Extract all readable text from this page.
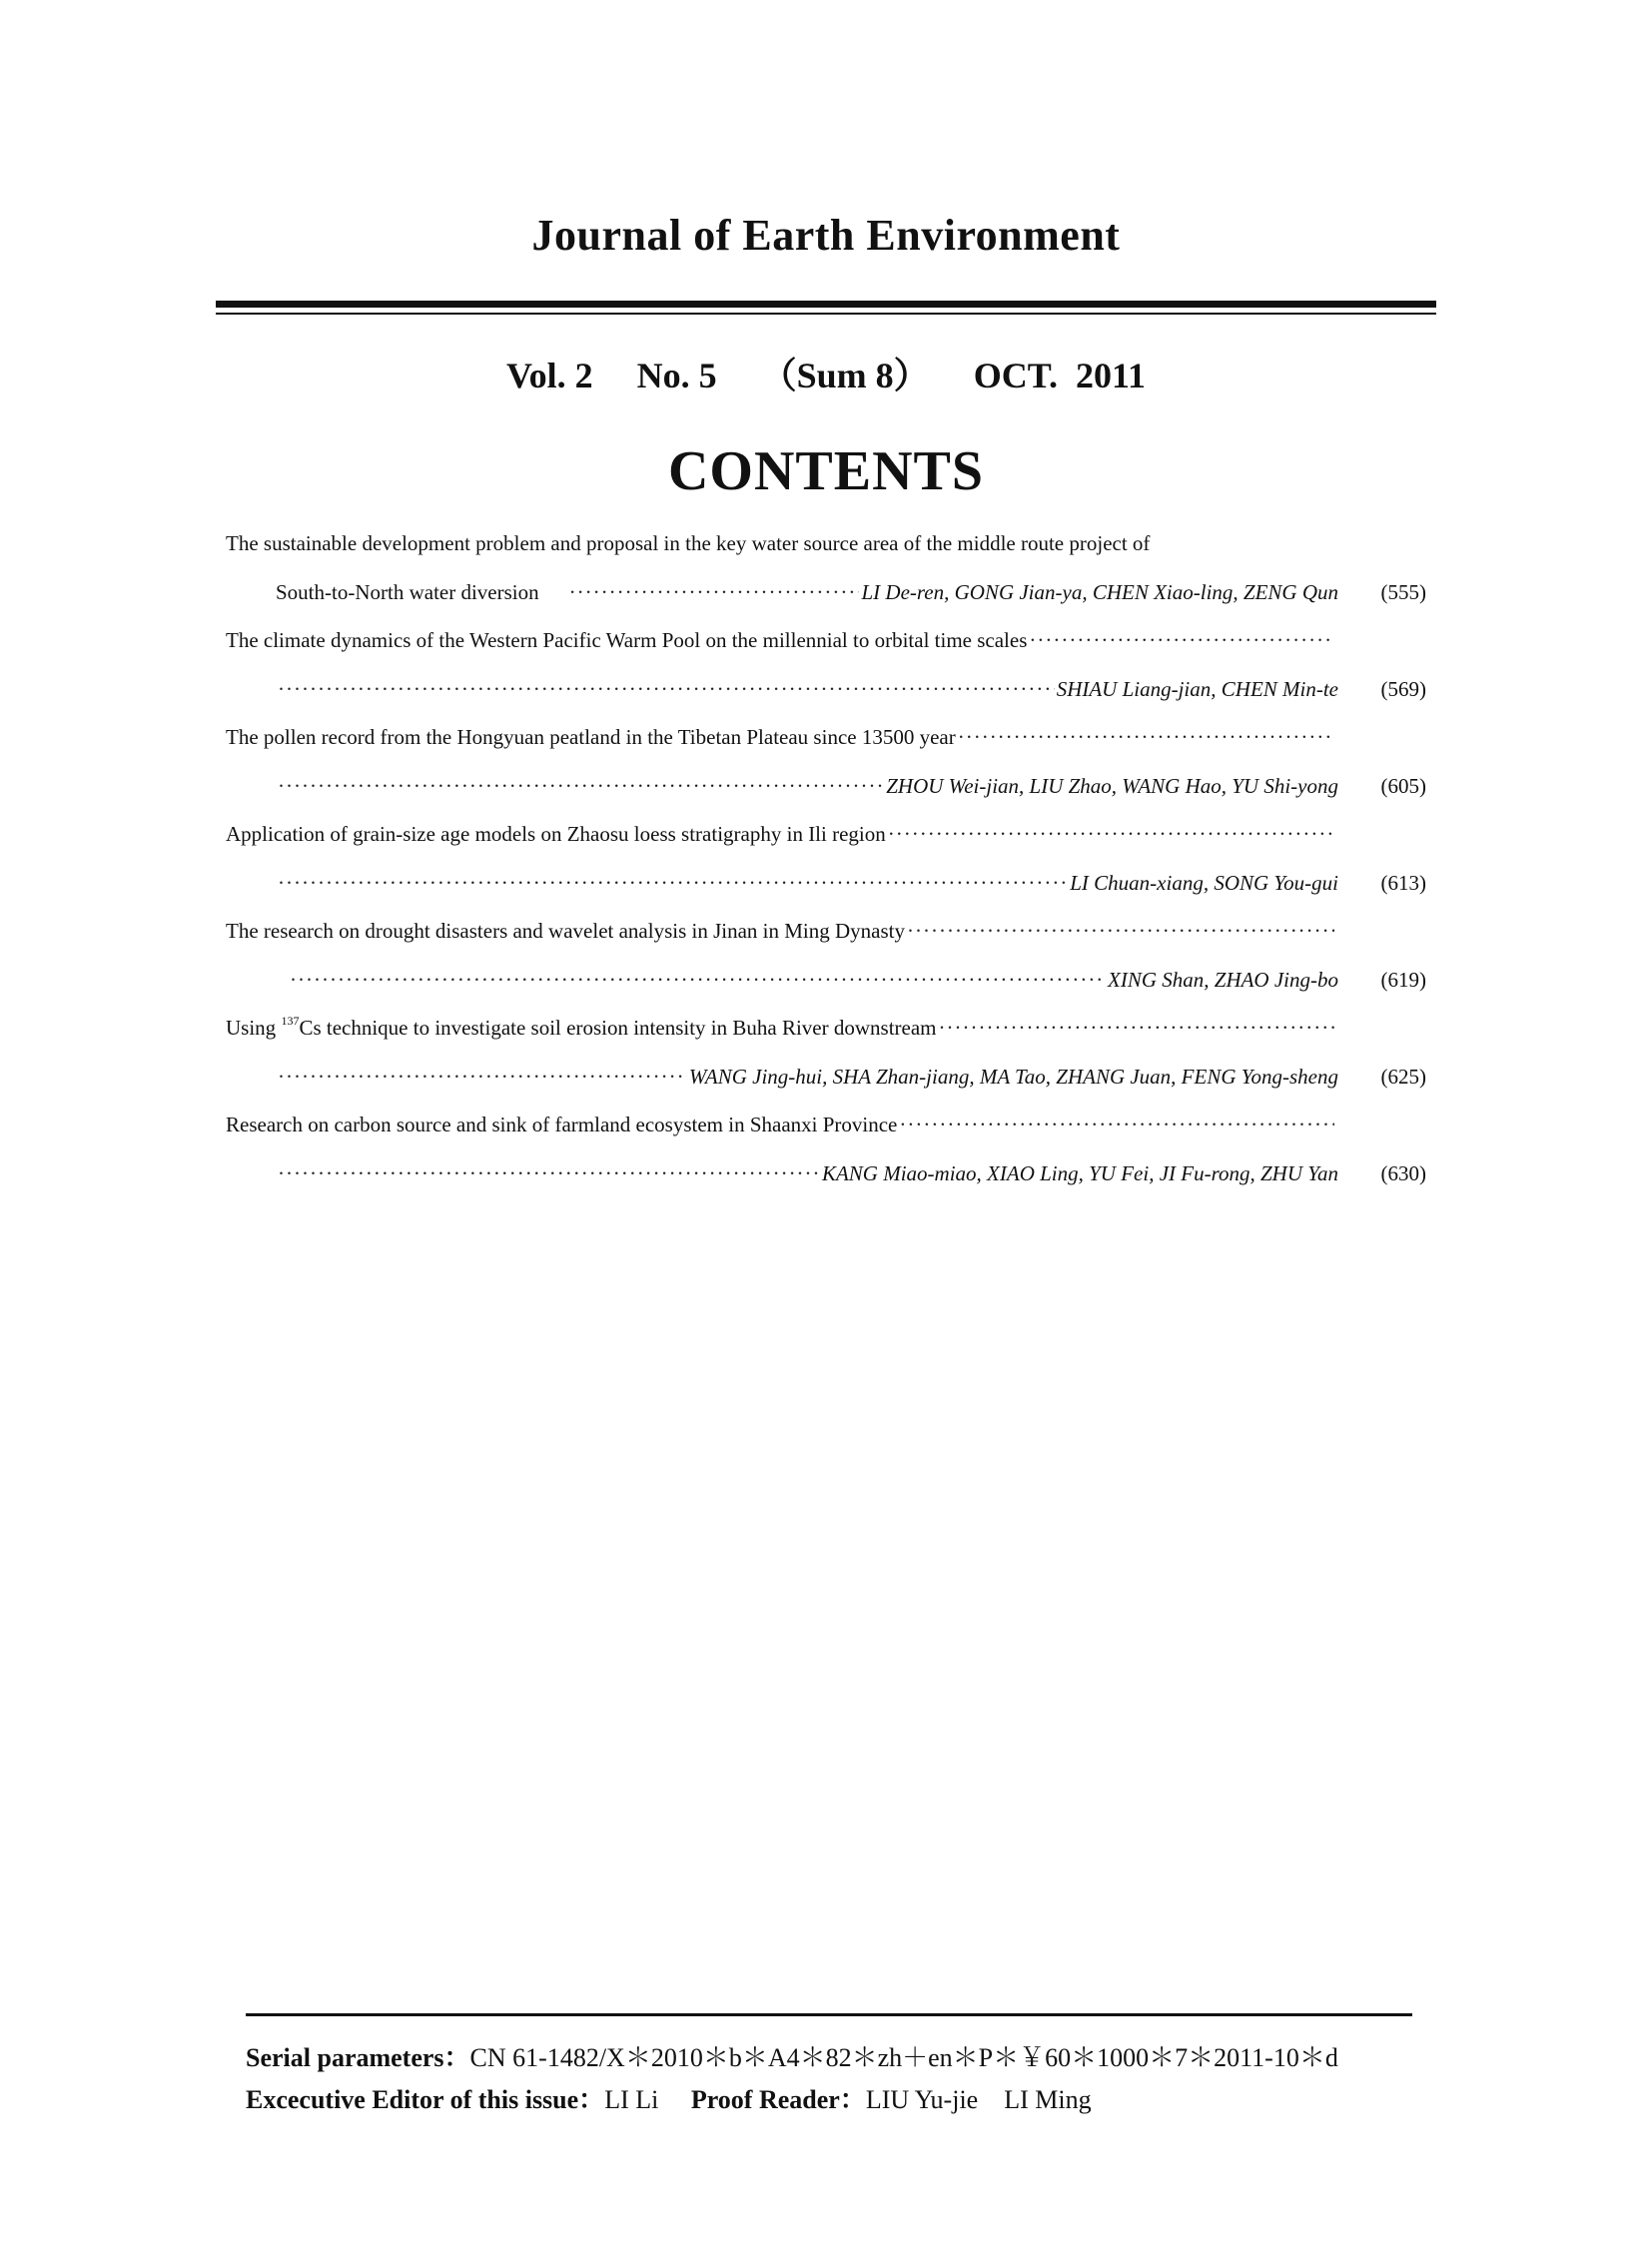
Journal of Earth Environment
Vol. 2 No. 5 （Sum 8） OCT.  2011
CONTENTS
The sustainable development problem and proposal in the key water source area of the middle route project of
South-to-North water diversion
·····	LI De-ren, GONG Jian-ya, CHEN Xiao-ling, ZENG Qun	(555)
The climate dynamics of the Western Pacific Warm Pool on the millennial to orbital time scales
·····
·····
SHIAU Liang-jian, CHEN Min-te	(569)
The pollen record from the Hongyuan peatland in the Tibetan Plateau since 13500 year
·····
·····
ZHOU Wei-jian, LIU Zhao, WANG Hao, YU Shi-yong	(605)
Application of grain-size age models on Zhaosu loess stratigraphy in Ili region
·····
·····
LI Chuan-xiang, SONG You-gui	(613)
The research on drought disasters and wavelet analysis in Jinan in Ming Dynasty
·····
·····
XING Shan, ZHAO Jing-bo	(619)
Using $^{137}$Cs technique to investigate soil erosion intensity in Buha River downstream
·····
·····
WANG Jing-hui, SHA Zhan-jiang, MA Tao, ZHANG Juan, FENG Yong-sheng	(625)
Research on carbon source and sink of farmland ecosystem in Shaanxi Province
·····
·····
KANG Miao-miao, XIAO Ling, YU Fei, JI Fu-rong, ZHU Yan	(630)
Serial parameters：CN 61-1482/X＊2010＊b＊A4＊82＊zh＋en＊P＊￥60＊1000＊7＊2011-10＊d
Excecutive Editor of this issue：LI Li Proof Reader：LIU Yu-jie    LI Ming
